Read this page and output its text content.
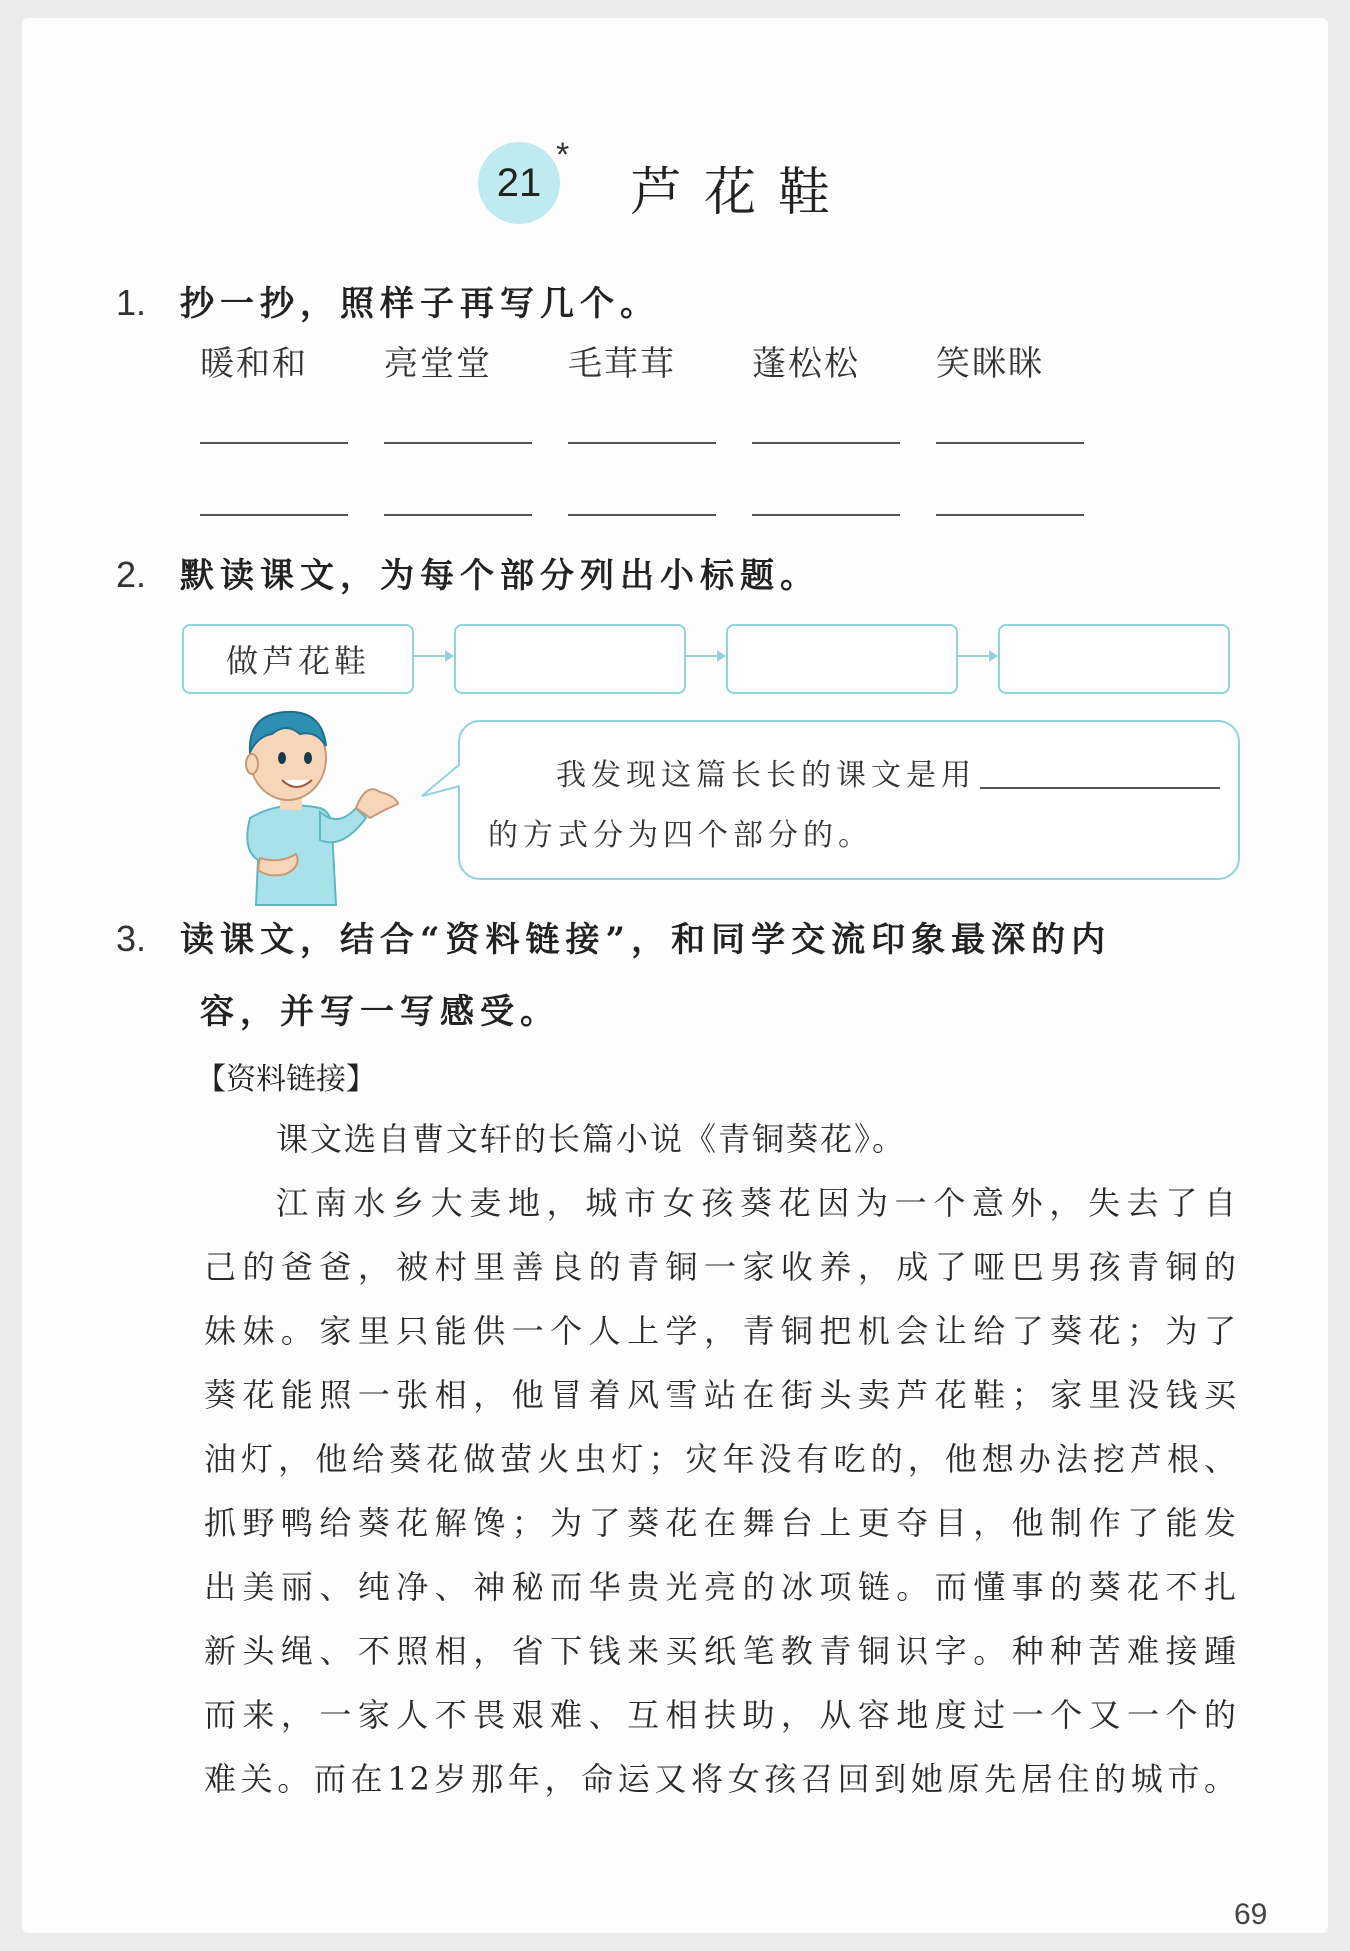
21
*
芦花鞋
1. 抄一抄，照样子再写几个。
暖和和 亮堂堂 毛茸茸 蓬松松 笑眯眯
2. 默读课文，为每个部分列出小标题。
做芦花鞋
我发现这篇长长的课文是用
的方式分为四个部分的。
3. 读课文，结合“资料链接”，和同学交流印象最深的内
容，并写一写感受。
【资料链接】
课文选自曹文轩的长篇小说《青铜葵花》。
江南水乡大麦地，城市女孩葵花因为一个意外，失去了自
己的爸爸，被村里善良的青铜一家收养，成了哑巴男孩青铜的
妹妹。家里只能供一个人上学，青铜把机会让给了葵花；为了
葵花能照一张相，他冒着风雪站在街头卖芦花鞋；家里没钱买
油灯，他给葵花做萤火虫灯；灾年没有吃的，他想办法挖芦根、
抓野鸭给葵花解馋；为了葵花在舞台上更夺目，他制作了能发
出美丽、纯净、神秘而华贵光亮的冰项链。而懂事的葵花不扎
新头绳、不照相，省下钱来买纸笔教青铜识字。种种苦难接踵
而来，一家人不畏艰难、互相扶助，从容地度过一个又一个的
难关。而在12岁那年，命运又将女孩召回到她原先居住的城市。
69
